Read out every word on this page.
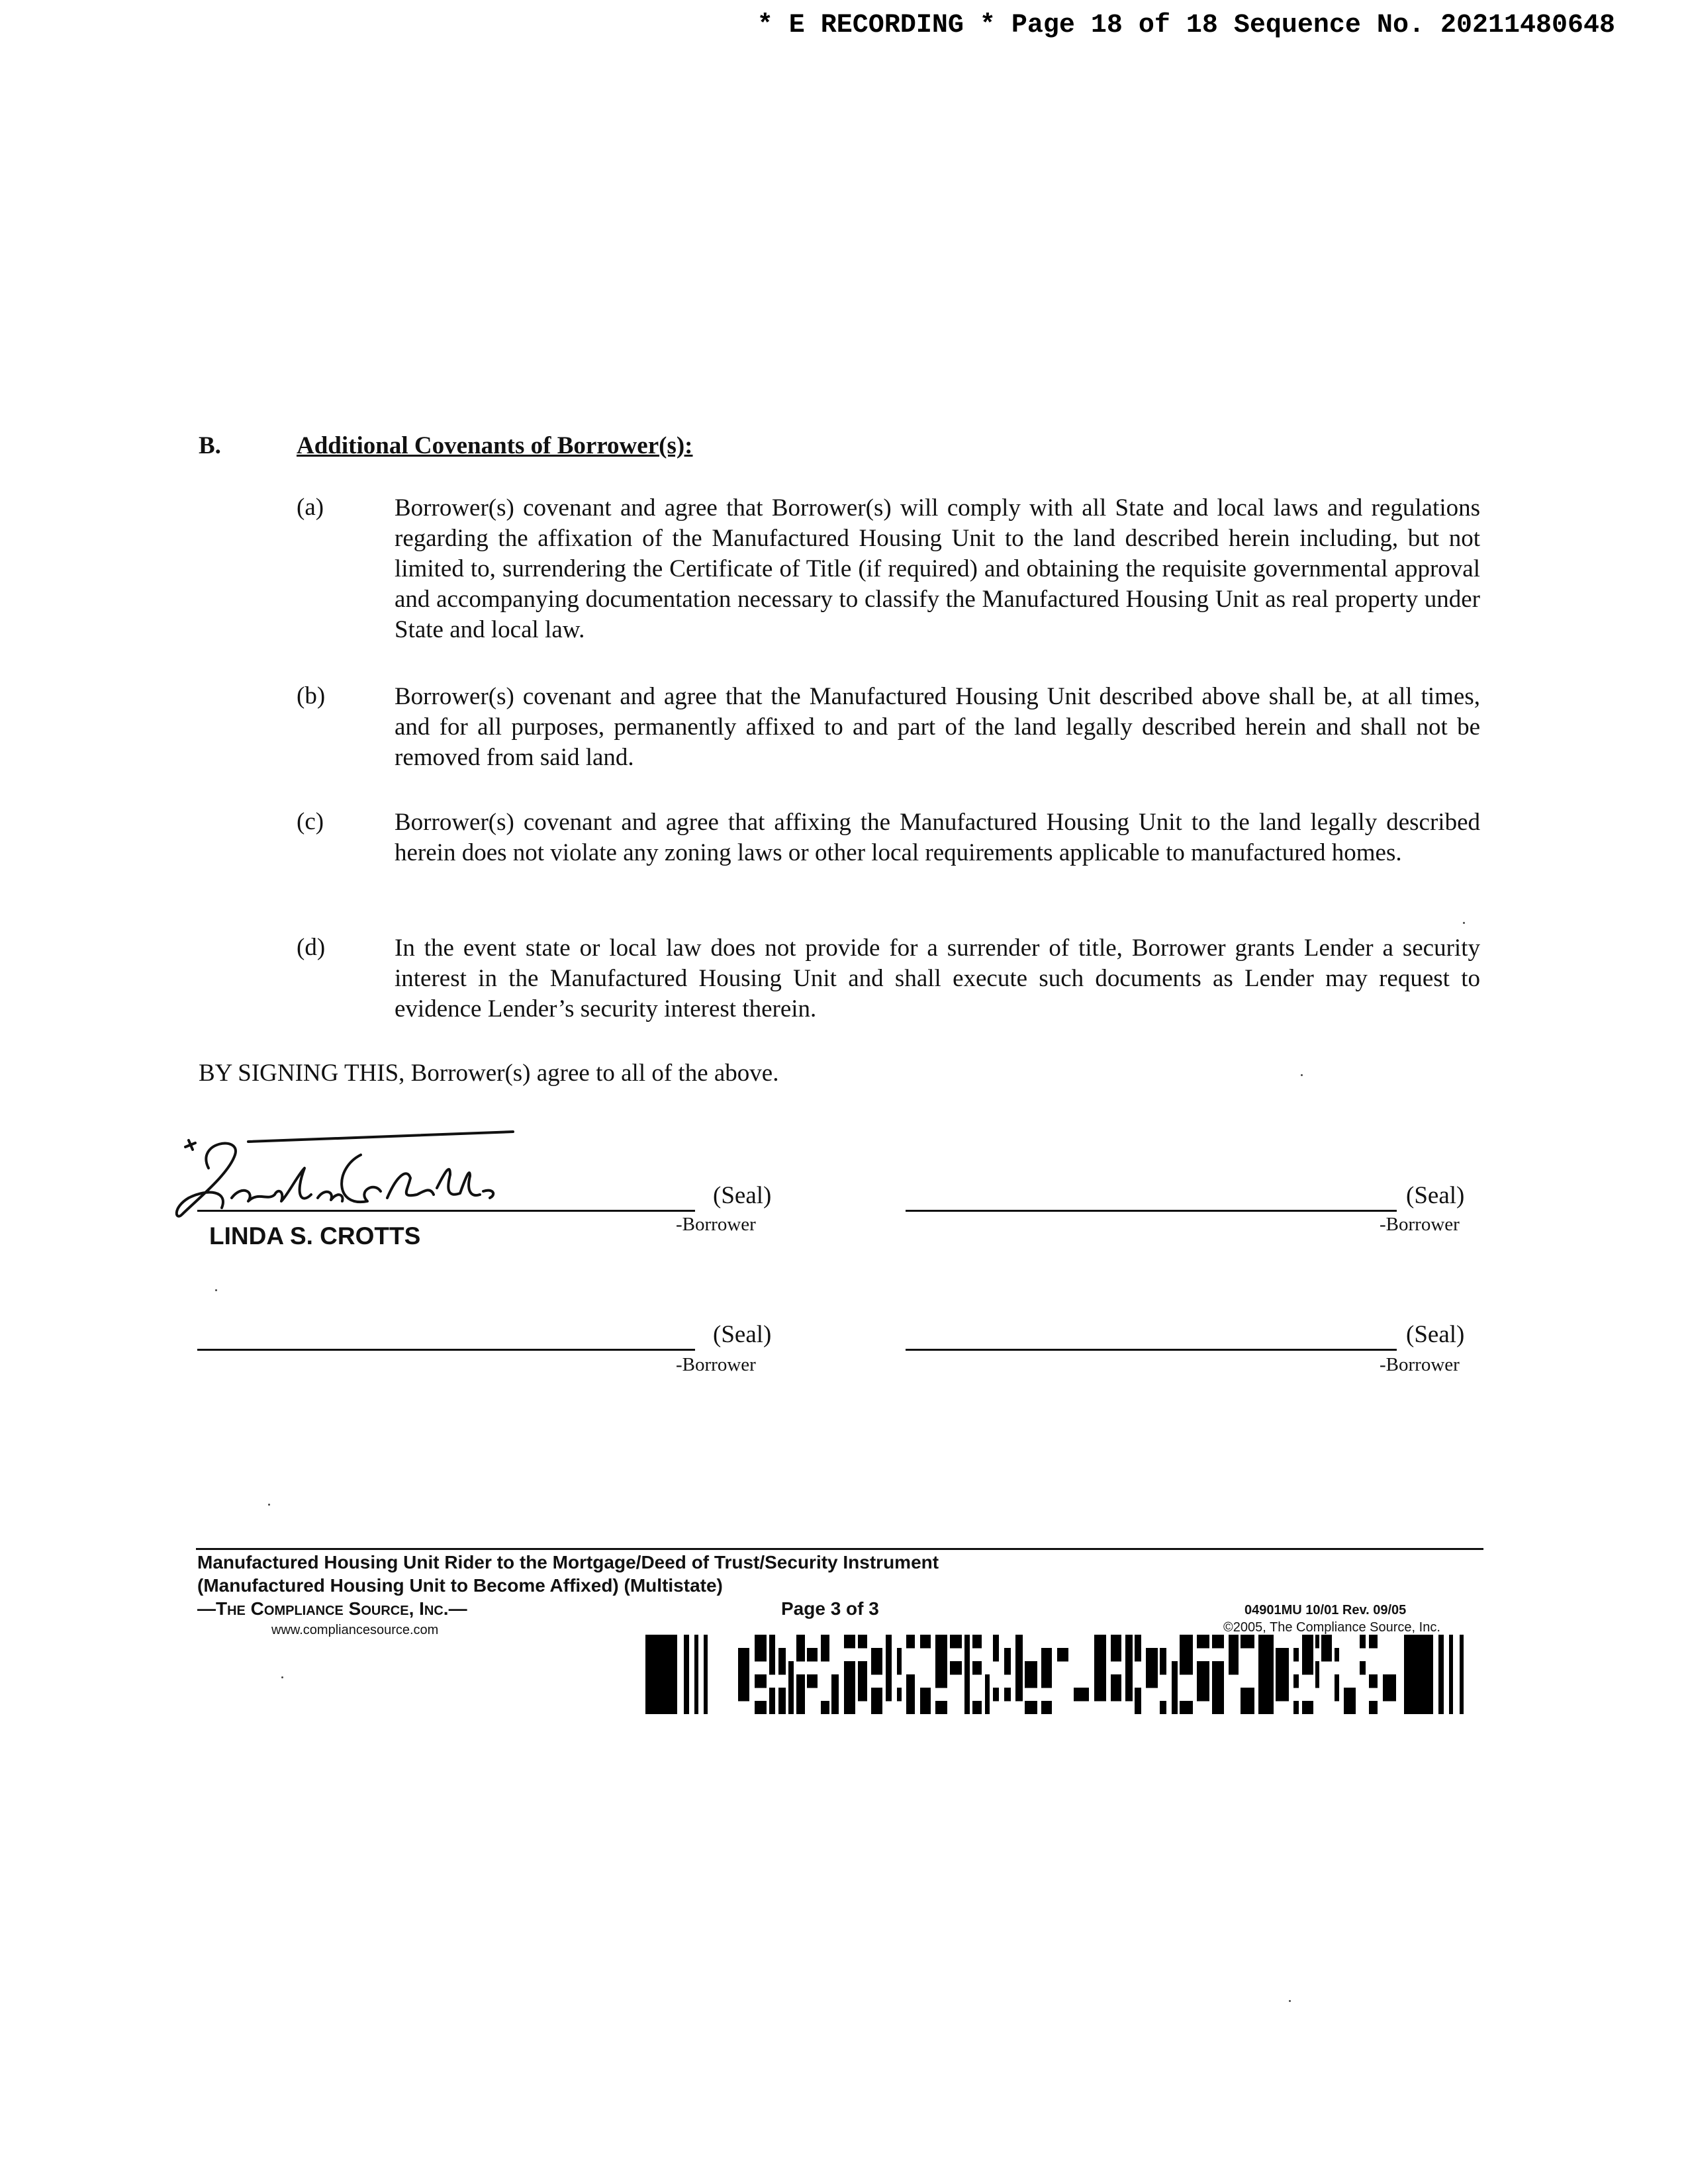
* E RECORDING * Page 18 of 18 Sequence No. 20211480648
B.	Additional Covenants of Borrower(s):
(a)	Borrower(s) covenant and agree that Borrower(s) will comply with all State and local laws and regulations regarding the affixation of the Manufactured Housing Unit to the land described herein including, but not limited to, surrendering the Certificate of Title (if required) and obtaining the requisite governmental approval and accompanying documentation necessary to classify the Manufactured Housing Unit as real property under State and local law.
(b)	Borrower(s) covenant and agree that the Manufactured Housing Unit described above shall be, at all times, and for all purposes, permanently affixed to and part of the land legally described herein and shall not be removed from said land.
(c)	Borrower(s) covenant and agree that affixing the Manufactured Housing Unit to the land legally described herein does not violate any zoning laws or other local requirements applicable to manufactured homes.
(d)	In the event state or local law does not provide for a surrender of title, Borrower grants Lender a security interest in the Manufactured Housing Unit and shall execute such documents as Lender may request to evidence Lender’s security interest therein.
BY SIGNING THIS, Borrower(s) agree to all of the above.
(Seal)
-Borrower
LINDA S. CROTTS
(Seal)
-Borrower
(Seal)
-Borrower
(Seal)
-Borrower
Manufactured Housing Unit Rider to the Mortgage/Deed of Trust/Security Instrument
(Manufactured Housing Unit to Become Affixed) (Multistate)
—The Compliance Source, Inc.—
www.compliancesource.com
Page 3 of 3	04901MU 10/01 Rev. 09/05
©2005, The Compliance Source, Inc.
